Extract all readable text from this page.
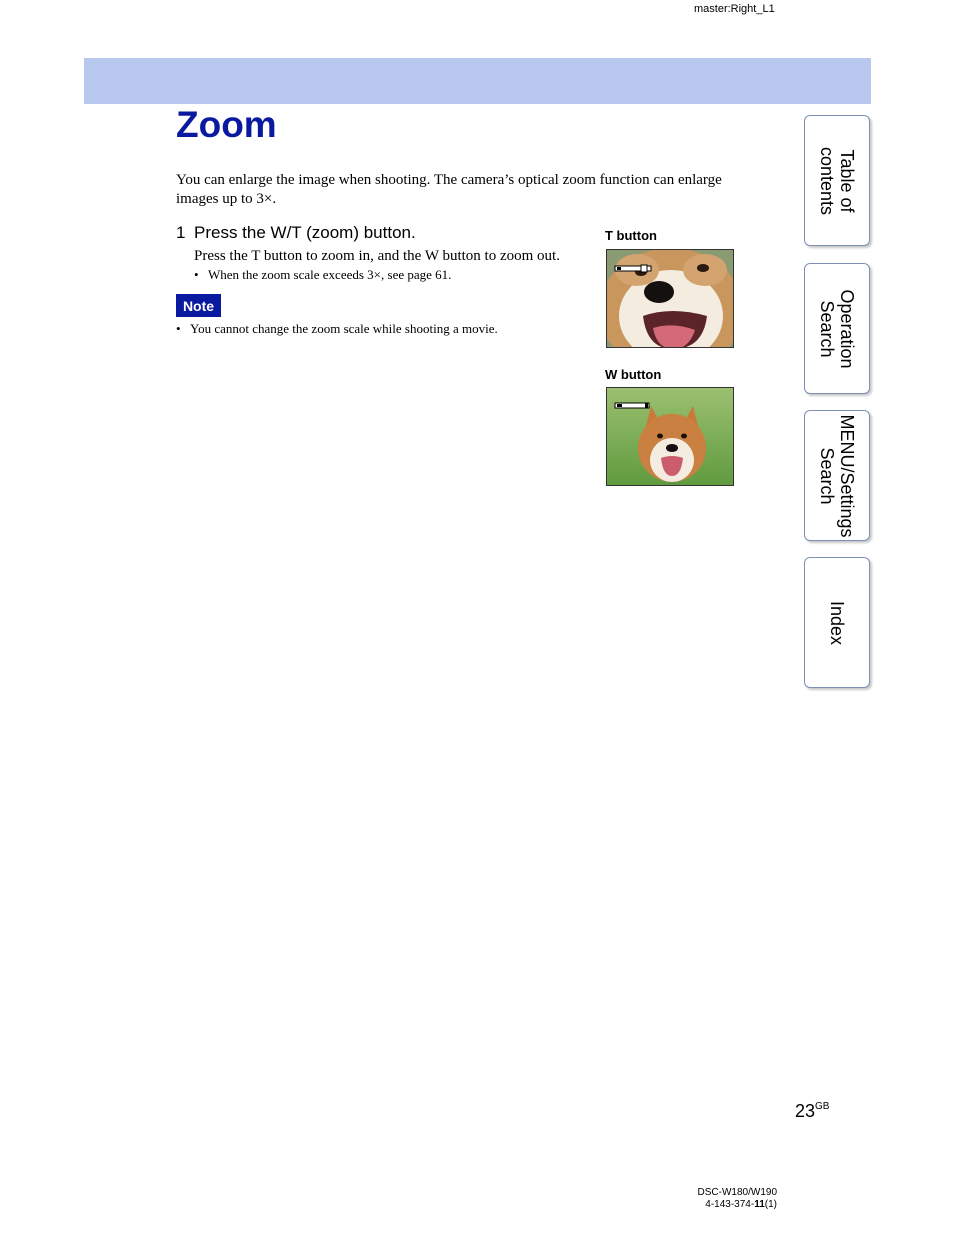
master:Right_L1
Zoom

You can enlarge the image when shooting. The camera’s optical zoom function can enlarge images up to 3×.

1 Press the W/T (zoom) button.

Press the T button to zoom in, and the W button to zoom out.

• When the zoom scale exceeds 3×, see page 61.
Note
• You cannot change the zoom scale while shooting a movie.
T button
W button
Table of
contents
Operation
Search
MENU/Settings
Search
Index
$23^{GB}$
DSC-W180/W190
4-143-374-11(1)
